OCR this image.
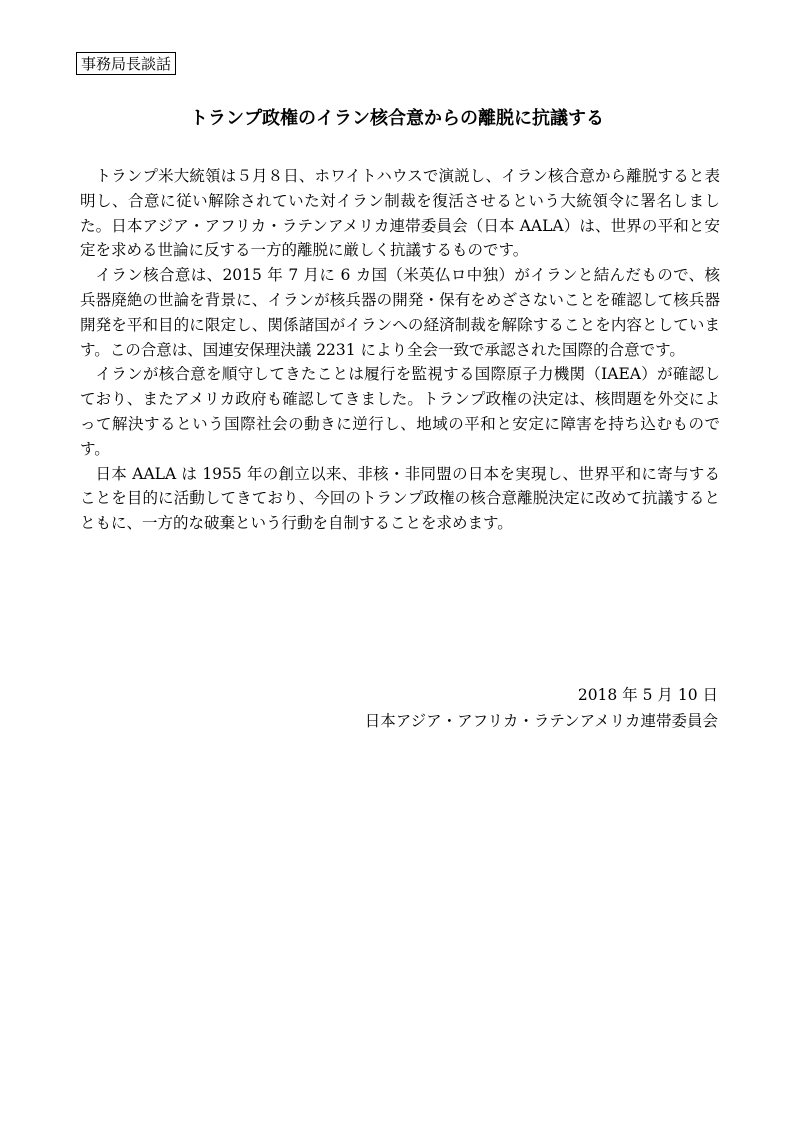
事務局長談話
トランプ政権のイラン核合意からの離脱に抗議する

トランプ米大統領は５月８日、ホワイトハウスで演説し、イラン核合意から離脱すると表明し、合意に従い解除されていた対イラン制裁を復活させるという大統領令に署名しました。日本アジア・アフリカ・ラテンアメリカ連帯委員会（日本 AALA）は、世界の平和と安定を求める世論に反する一方的離脱に厳しく抗議するものです。

イラン核合意は、2015 年 7 月に 6 カ国（米英仏ロ中独）がイランと結んだもので、核兵器廃絶の世論を背景に、イランが核兵器の開発・保有をめざさないことを確認して核兵器開発を平和目的に限定し、関係諸国がイランへの経済制裁を解除することを内容としています。この合意は、国連安保理決議 2231 により全会一致で承認された国際的合意です。

イランが核合意を順守してきたことは履行を監視する国際原子力機関（IAEA）が確認しており、またアメリカ政府も確認してきました。トランプ政権の決定は、核問題を外交によって解決するという国際社会の動きに逆行し、地域の平和と安定に障害を持ち込むものです。

日本 AALA は 1955 年の創立以来、非核・非同盟の日本を実現し、世界平和に寄与することを目的に活動してきており、今回のトランプ政権の核合意離脱決定に改めて抗議するとともに、一方的な破棄という行動を自制することを求めます。

2018 年 5 月 10 日
日本アジア・アフリカ・ラテンアメリカ連帯委員会
